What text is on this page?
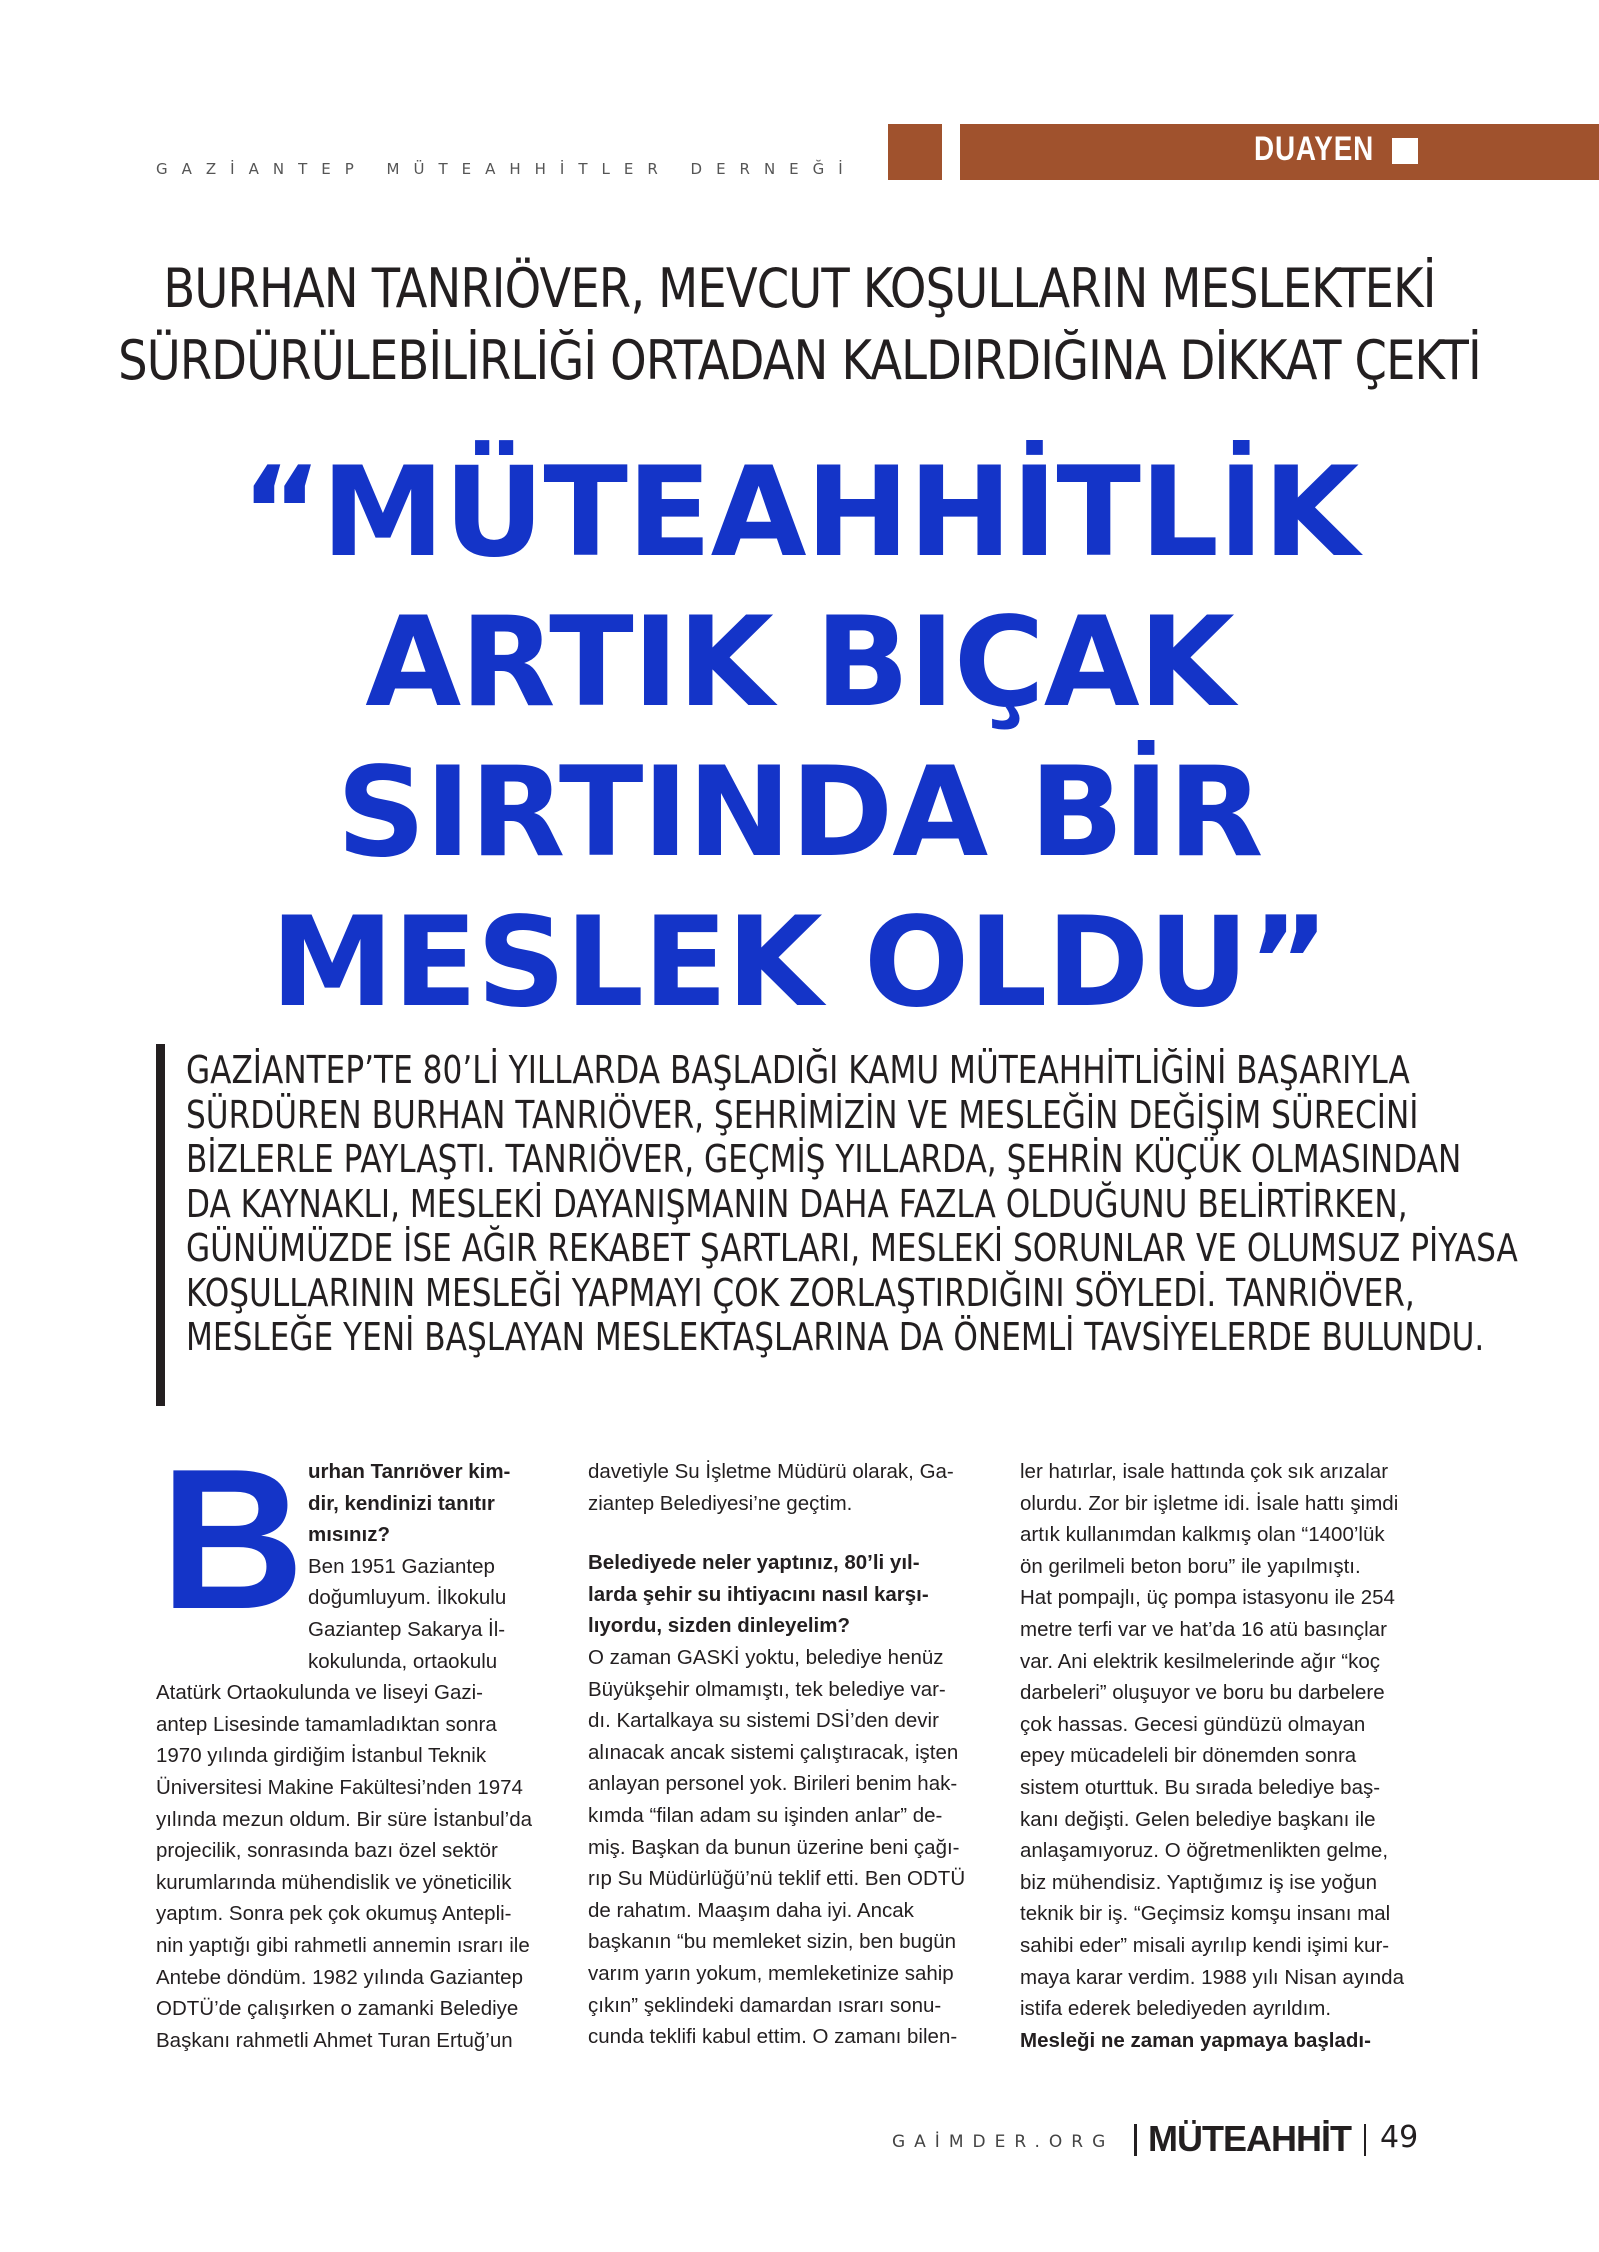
GAZİANTEP MÜTEAHHİTLER DERNEĞİ
DUAYEN
BURHAN TANRIÖVER, MEVCUT KOŞULLARIN MESLEKTEKİ
SÜRDÜRÜLEBİLİRLİĞİ ORTADAN KALDIRDIĞINA DİKKAT ÇEKTİ
“MÜTEAHHİTLİK
ARTIK BIÇAK
SIRTINDA BİR
MESLEK OLDU”

GAZİANTEP’TE 80’Lİ YILLARDA BAŞLADIĞI KAMU MÜTEAHHİTLİĞİNİ BAŞARIYLA

SÜRDÜREN BURHAN TANRIÖVER, ŞEHRİMİZİN VE MESLEĞİN DEĞİŞİM SÜRECİNİ

BİZLERLE PAYLAŞTI. TANRIÖVER, GEÇMİŞ YILLARDA, ŞEHRİN KÜÇÜK OLMASINDAN

DA KAYNAKLI, MESLEKİ DAYANIŞMANIN DAHA FAZLA OLDUĞUNU BELİRTİRKEN,

GÜNÜMÜZDE İSE AĞIR REKABET ŞARTLARI, MESLEKİ SORUNLAR VE OLUMSUZ PİYASA

KOŞULLARININ MESLEĞİ YAPMAYI ÇOK ZORLAŞTIRDIĞINI SÖYLEDİ. TANRIÖVER,

MESLEĞE YENİ BAŞLAYAN MESLEKTAŞLARINA DA ÖNEMLİ TAVSİYELERDE BULUNDU.

B urhan Tanrıöver kim-

dir, kendinizi tanıtır

mısınız?

Ben 1951 Gaziantep

doğumluyum. İlkokulu

Gaziantep Sakarya İl-

kokulunda, ortaokulu

Atatürk Ortaokulunda ve liseyi Gazi-

antep Lisesinde tamamladıktan sonra

1970 yılında girdiğim İstanbul Teknik

Üniversitesi Makine Fakültesi’nden 1974

yılında mezun oldum. Bir süre İstanbul’da

projecilik, sonrasında bazı özel sektör

kurumlarında mühendislik ve yöneticilik

yaptım. Sonra pek çok okumuş Antepli-

nin yaptığı gibi rahmetli annemin ısrarı ile

Antebe döndüm. 1982 yılında Gaziantep

ODTÜ’de çalışırken o zamanki Belediye

Başkanı rahmetli Ahmet Turan Ertuğ’un

davetiyle Su İşletme Müdürü olarak, Ga-

ziantep Belediyesi’ne geçtim.

Belediyede neler yaptınız, 80’li yıl-

larda şehir su ihtiyacını nasıl karşı-

lıyordu, sizden dinleyelim?

O zaman GASKİ yoktu, belediye henüz

Büyükşehir olmamıştı, tek belediye var-

dı. Kartalkaya su sistemi DSİ’den devir

alınacak ancak sistemi çalıştıracak, işten

anlayan personel yok. Birileri benim hak-

kımda “filan adam su işinden anlar” de-

miş. Başkan da bunun üzerine beni çağı-

rıp Su Müdürlüğü’nü teklif etti. Ben ODTÜ

de rahatım. Maaşım daha iyi. Ancak

başkanın “bu memleket sizin, ben bugün

varım yarın yokum, memleketinize sahip

çıkın” şeklindeki damardan ısrarı sonu-

cunda teklifi kabul ettim. O zamanı bilen-

ler hatırlar, isale hattında çok sık arızalar

olurdu. Zor bir işletme idi. İsale hattı şimdi

artık kullanımdan kalkmış olan “1400’lük

ön gerilmeli beton boru” ile yapılmıştı.

Hat pompajlı, üç pompa istasyonu ile 254

metre terfi var ve hat’da 16 atü basınçlar

var. Ani elektrik kesilmelerinde ağır “koç

darbeleri” oluşuyor ve boru bu darbelere

çok hassas. Gecesi gündüzü olmayan

epey mücadeleli bir dönemden sonra

sistem oturttuk. Bu sırada belediye baş-

kanı değişti. Gelen belediye başkanı ile

anlaşamıyoruz. O öğretmenlikten gelme,

biz mühendisiz. Yaptığımız iş ise yoğun

teknik bir iş. “Geçimsiz komşu insanı mal

sahibi eder” misali ayrılıp kendi işimi kur-

maya karar verdim. 1988 yılı Nisan ayında

istifa ederek belediyeden ayrıldım.

Mesleği ne zaman yapmaya başladı-

GAİMDER.ORG MÜTEAHHİT 49
